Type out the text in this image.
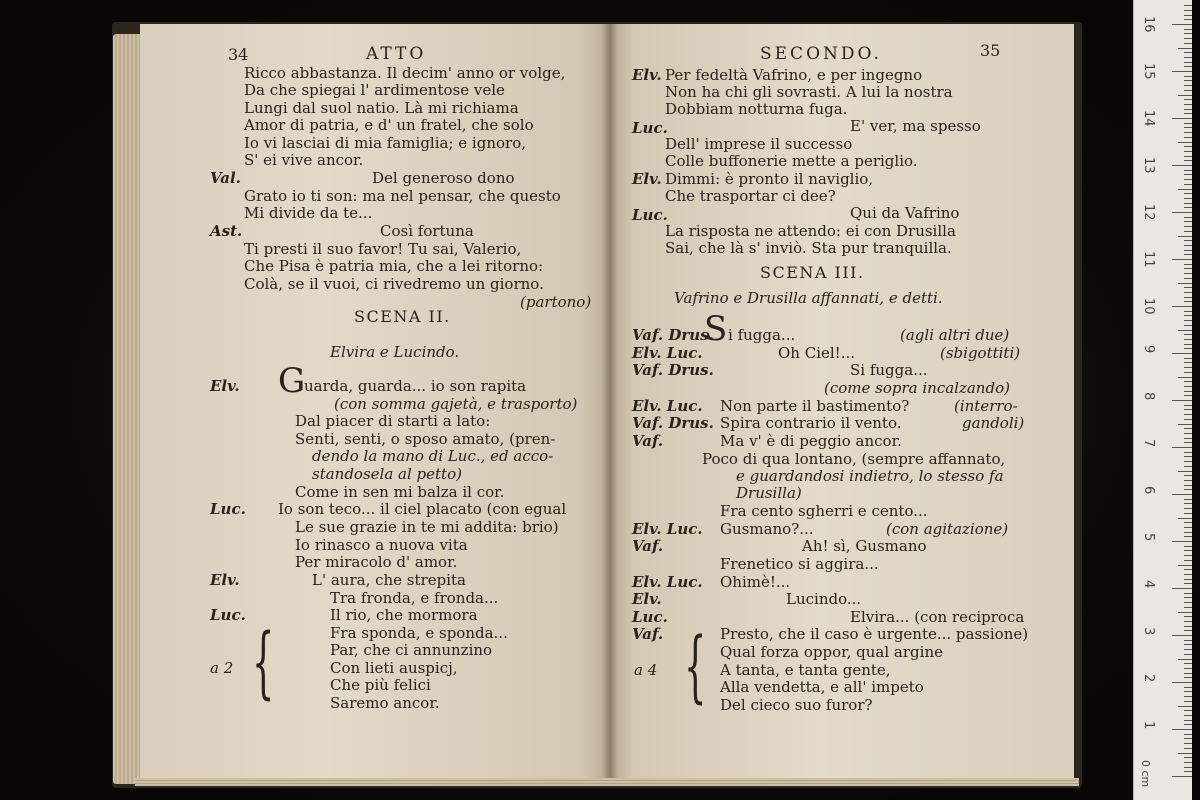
34	ATTO
Ricco abbastanza. Il decim' anno or volge,
Da che spiegai l' ardimentose vele
Lungi dal suol natio. Là mi richiama
Amor di patria, e d' un fratel, che solo
Io vi lasciai di mia famiglia; e ignoro,
S' ei vive ancor.
Val.	Del generoso dono
Grato io ti son: ma nel pensar, che questo
Mi divide da te...
Ast.	Così fortuna
Ti presti il suo favor! Tu sai, Valerio,
Che Pisa è patria mia, che a lei ritorno:
Colà, se il vuoi, ci rivedremo un giorno.
(partono)
SCENA II.
Elvira e Lucindo.
Elv. G
uarda, guarda... io son rapita
(con somma gajetà, e trasporto)
Dal piacer di starti a lato:
Senti, senti, o sposo amato, (pren-
dendo la mano di Luc., ed acco-
standosela al petto)
Come in sen mi balza il cor.
Luc. Io son teco... il ciel placato (con egual
Le sue grazie in te mi addita: brio)
Io rinasco a nuova vita
Per miracolo d' amor.
Elv.	L' aura, che strepita
Tra fronda, e fronda...
Luc.	Il rio, che mormora
Fra sponda, e sponda...
Par, che ci annunzino
Con lieti auspicj,
Che più felici
Saremo ancor.
a 2 {
SECONDO.	35
Elv. Per fedeltà Vafrino, e per ingegno
Non ha chi gli sovrasti. A lui la nostra
Dobbiam notturna fuga.
Luc.	E' ver, ma spesso
Dell' imprese il successo
Colle buffonerie mette a periglio.
Elv. Dimmi: è pronto il naviglio,
Che trasportar ci dee?
Luc.	Qui da Vafrino
La risposta ne attendo: ei con Drusilla
Sai, che là s' inviò. Sta pur tranquilla.
SCENA III.
Vafrino e Drusilla affannati, e detti.
Vaf. Drus.
S i fugga...	(agli altri due)
Elv. Luc.	Oh Ciel!...	(sbigottiti)
Vaf. Drus.	Si fugga...
(come sopra incalzando)
Elv. Luc. Non parte il bastimento?	(interro-
Vaf. Drus. Spira contrario il vento.	gandoli)
Vaf.	Ma v' è di peggio ancor.
Poco di qua lontano, (sempre affannato,
e guardandosi indietro, lo stesso fa
Drusilla)
Fra cento sgherri e cento...
Elv. Luc. Gusmano?...	(con agitazione)
Vaf.	Ah! sì, Gusmano
Frenetico si aggira...
Elv. Luc. Ohimè!...
Elv.	Lucindo...
Luc.	Elvira... (con reciproca
Vaf.	Presto, che il caso è urgente... passione)
Qual forza oppor, qual argine
A tanta, e tanta gente,
Alla vendetta, e all' impeto
Del cieco suo furor?
a 4 {
1
2
3
4
5
6
7
8
9
10
11
12
13
14
15
16
0 cm
